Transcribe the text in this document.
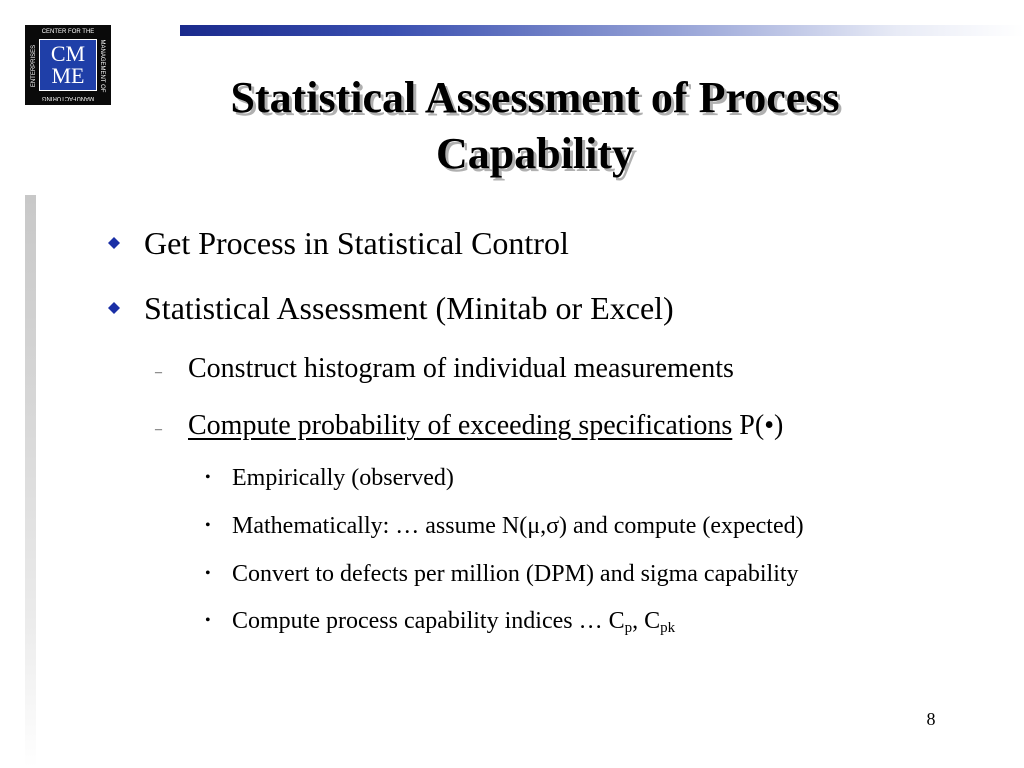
CENTER FOR THE
MANAGEMENT OF
MANUFACTURING
ENTERPRISES CM
ME	Statistical Assessment of Process
Capability
Get Process in Statistical Control
Statistical Assessment (Minitab or Excel)
– Construct histogram of individual measurements
– Compute probability of exceeding specifications P(•)
• Empirically (observed)
• Mathematically: … assume N(μ,σ) and compute (expected)
• Convert to defects per million (DPM) and sigma capability
• Compute process capability indices … $C_p$, $C_{pk}$
8
